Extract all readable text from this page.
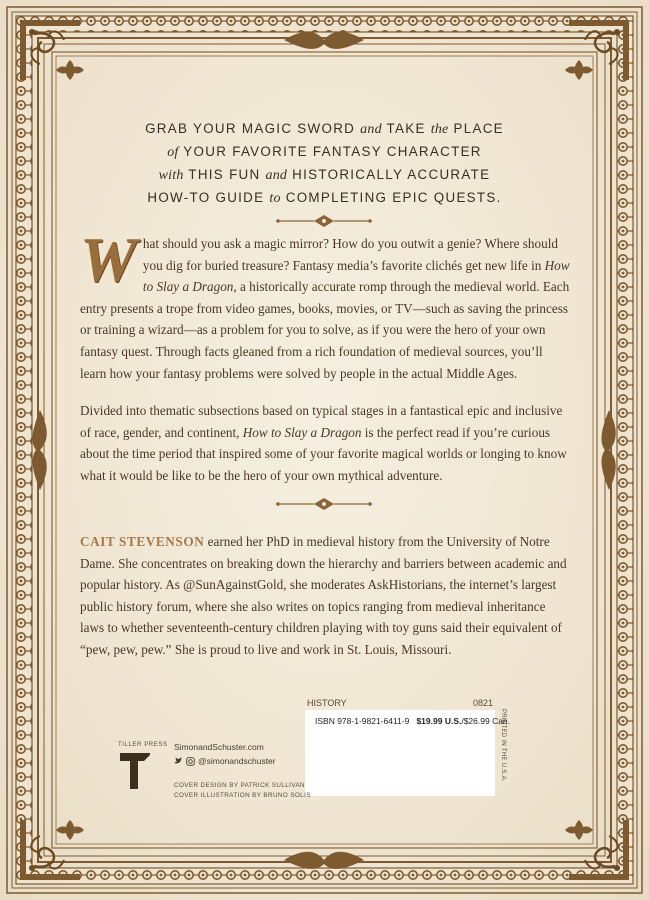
GRAB YOUR MAGIC SWORD and TAKE the PLACE
of YOUR FAVORITE FANTASY CHARACTER
with THIS FUN and HISTORICALLY ACCURATE
HOW-TO GUIDE to COMPLETING EPIC QUESTS.
What should you ask a magic mirror? How do you outwit a genie? Where should you dig for buried treasure? Fantasy media’s favorite clichés get new life in How to Slay a Dragon, a historically accurate romp through the medieval world. Each entry presents a trope from video games, books, movies, or TV—such as saving the princess or training a wizard—as a problem for you to solve, as if you were the hero of your own fantasy quest. Through facts gleaned from a rich foundation of medieval sources, you’ll learn how your fantasy problems were solved by people in the actual Middle Ages.
Divided into thematic subsections based on typical stages in a fantastical epic and inclusive of race, gender, and continent, How to Slay a Dragon is the perfect read if you’re curious about the time period that inspired some of your favorite magical worlds or longing to know what it would be like to be the hero of your own mythical adventure.
CAIT STEVENSON earned her PhD in medieval history from the University of Notre Dame. She concentrates on breaking down the hierarchy and barriers between academic and popular history. As @SunAgainstGold, she moderates AskHistorians, the internet’s largest public history forum, where she also writes on topics ranging from medieval inheritance laws to whether seventeenth-century children playing with toy guns said their equivalent of “pew, pew, pew.” She is proud to live and work in St. Louis, Missouri.
HISTORY	0821
ISBN 978-1-9821-6411-9 $19.99 U.S./$26.99 Can.
PRINTED IN THE U.S.A.
TILLER PRESS SimonandSchuster.com
@simonandschuster
COVER DESIGN BY PATRICK SULLIVAN
COVER ILLUSTRATION BY BRUNO SOLIS
